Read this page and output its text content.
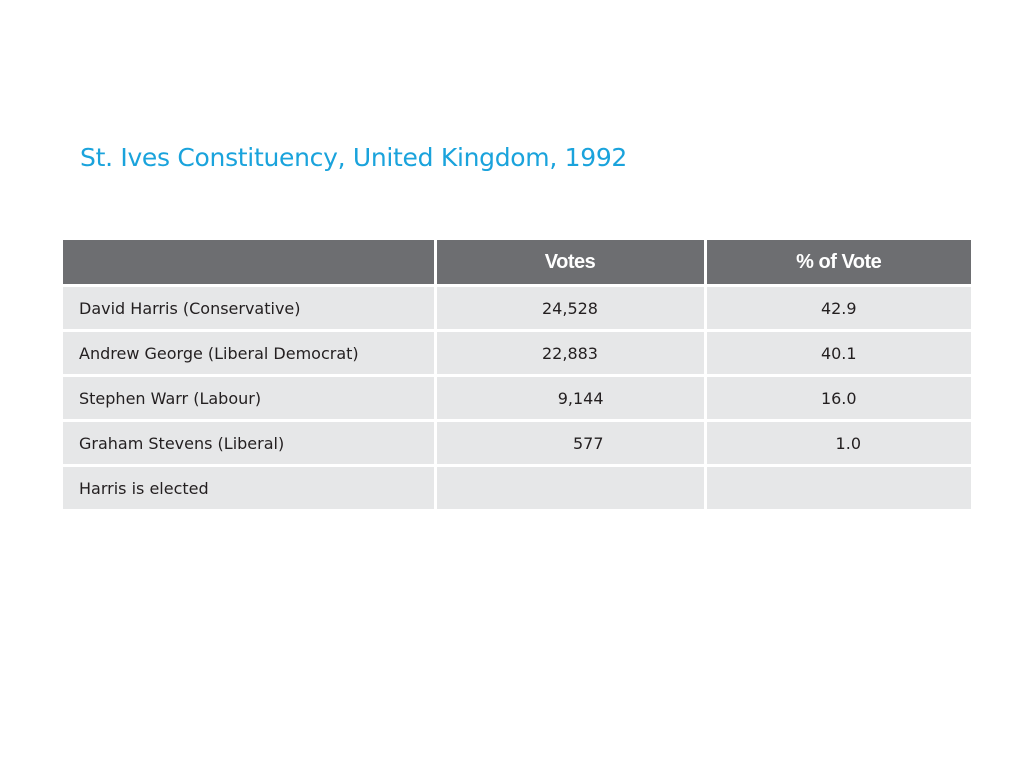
St. Ives Constituency, United Kingdom, 1992
	Votes	% of Vote
David Harris (Conservative)	24,528	42.9
Andrew George (Liberal Democrat)	22,883	40.1
Stephen Warr (Labour)	9,144	16.0
Graham Stevens (Liberal)	577	1.0
Harris is elected		
